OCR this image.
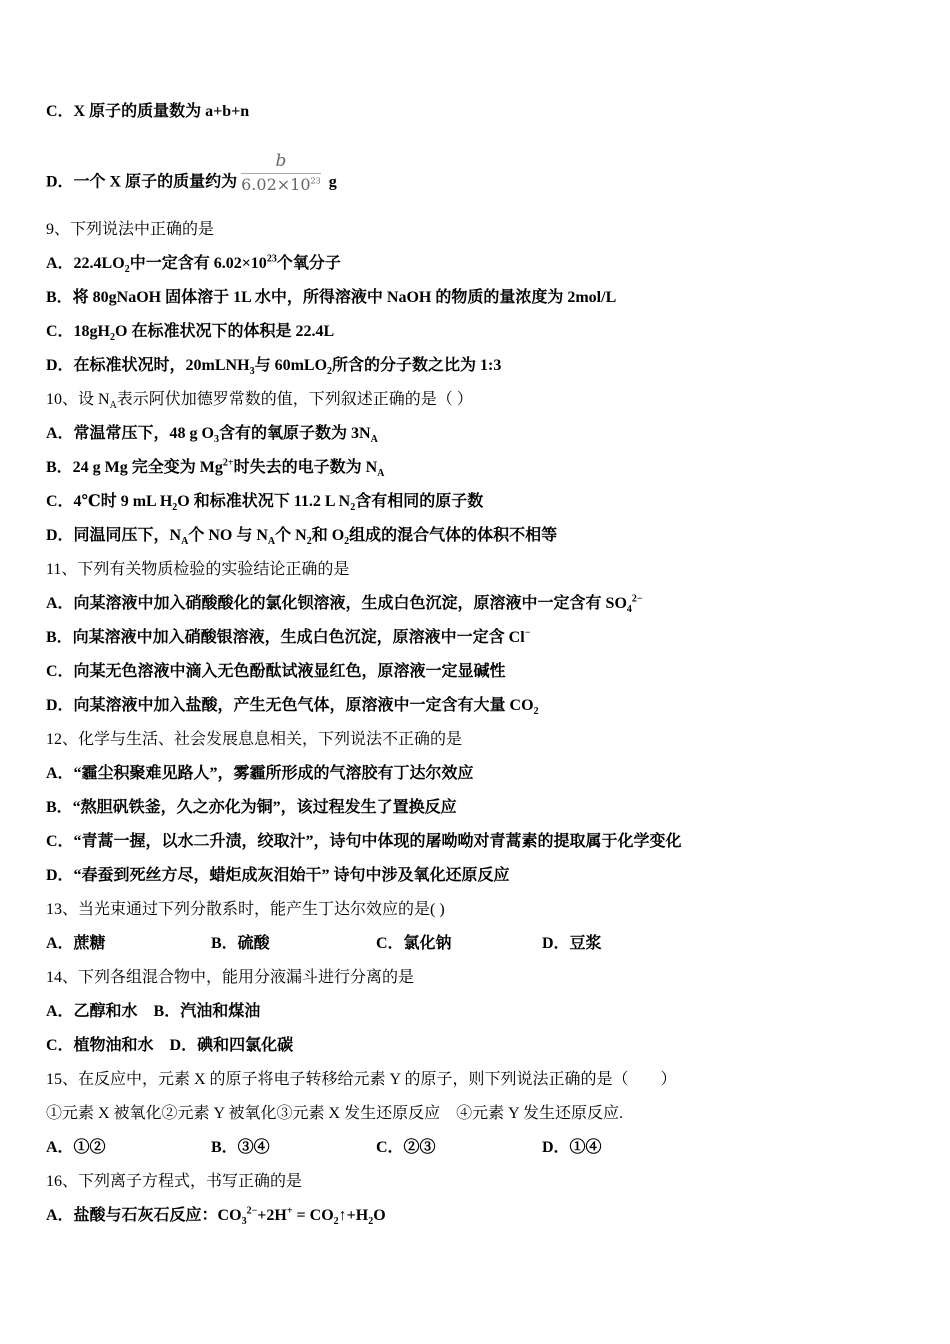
C．X 原子的质量数为 a+b+n
D．一个 X 原子的质量约为 $\frac{b}{6.02\times 10^{23}}$ g
9、下列说法中正确的是
A．$22.4LO_2$中一定含有 $6.02\times 10^{23}$个氧分子
B．将 80gNaOH 固体溶于 1L 水中，所得溶液中 NaOH 的物质的量浓度为 2mol/L
C．$18gH_2O$ 在标准状况下的体积是 22.4L
D．在标准状况时，20mLNH$_3$与 60mLO$_2$所含的分子数之比为 1:3
10、设 $N_A$表示阿伏加德罗常数的值，下列叙述正确的是（ ）
A．常温常压下，48 g $O_3$含有的氧原子数为 $3N_A$
B．24 g Mg 完全变为 $Mg^{2+}$时失去的电子数为 $N_A$
C．4℃时 9 mL $H_2O$ 和标准状况下 11.2 L $N_2$含有相同的原子数
D．同温同压下，$N_A$个 NO 与 $N_A$个 $N_2$和 $O_2$组成的混合气体的体积不相等
11、下列有关物质检验的实验结论正确的是
A．向某溶液中加入硝酸酸化的氯化钡溶液，生成白色沉淀，原溶液中一定含有 $SO_4^{2-}$
B．向某溶液中加入硝酸银溶液，生成白色沉淀，原溶液中一定含 Cl−
C．向某无色溶液中滴入无色酚酞试液显红色，原溶液一定显碱性
D．向某溶液中加入盐酸，产生无色气体，原溶液中一定含有大量 $CO_2$
12、化学与生活、社会发展息息相关，下列说法不正确的是
A．“霾尘积聚难见路人”，雾霾所形成的气溶胶有丁达尔效应
B．“熬胆矾铁釜，久之亦化为铜”，该过程发生了置换反应
C．“青蒿一握，以水二升渍，绞取汁”，诗句中体现的屠呦呦对青蒿素的提取属于化学变化
D．“春蚕到死丝方尽，蜡炬成灰泪始干” 诗句中涉及氧化还原反应
13、当光束通过下列分散系时，能产生丁达尔效应的是( )
A．蔗糖	B．硫酸	C．氯化钠	D．豆浆
14、下列各组混合物中，能用分液漏斗进行分离的是
A．乙醇和水　B．汽油和煤油
C．植物油和水　D．碘和四氯化碳
15、在反应中，元素 X 的原子将电子转移给元素 Y 的原子，则下列说法正确的是（　　）
①元素 X 被氧化②元素 Y 被氧化③元素 X 发生还原反应　④元素 Y 发生还原反应.
A．①②	B．③④	C．②③	D．①④
16、下列离子方程式，书写正确的是
A．盐酸与石灰石反应：$CO_3^{2-}+2H^+$ = $CO_2↑+H_2O$
